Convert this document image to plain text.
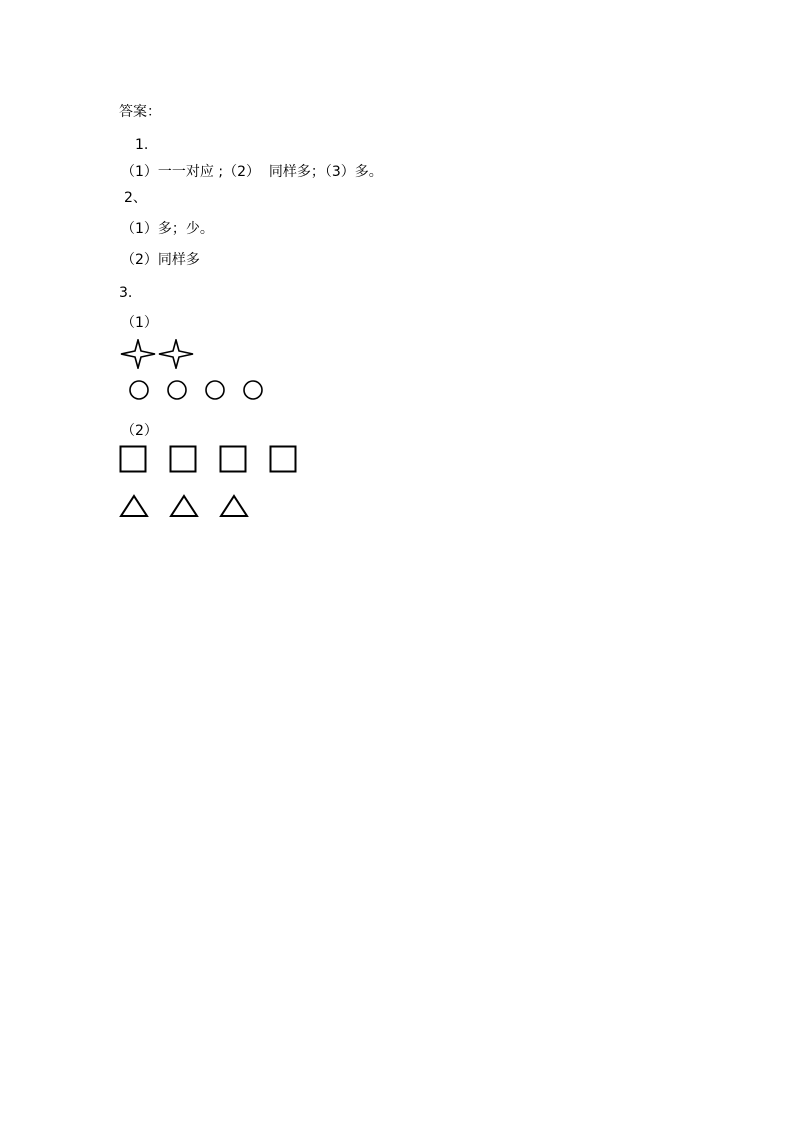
答案：
1.
（1）一一对应 ;（2）  同样多；（3）多。
2、
（1）多；少。
（2）同样多
3.
（1）
（2）
